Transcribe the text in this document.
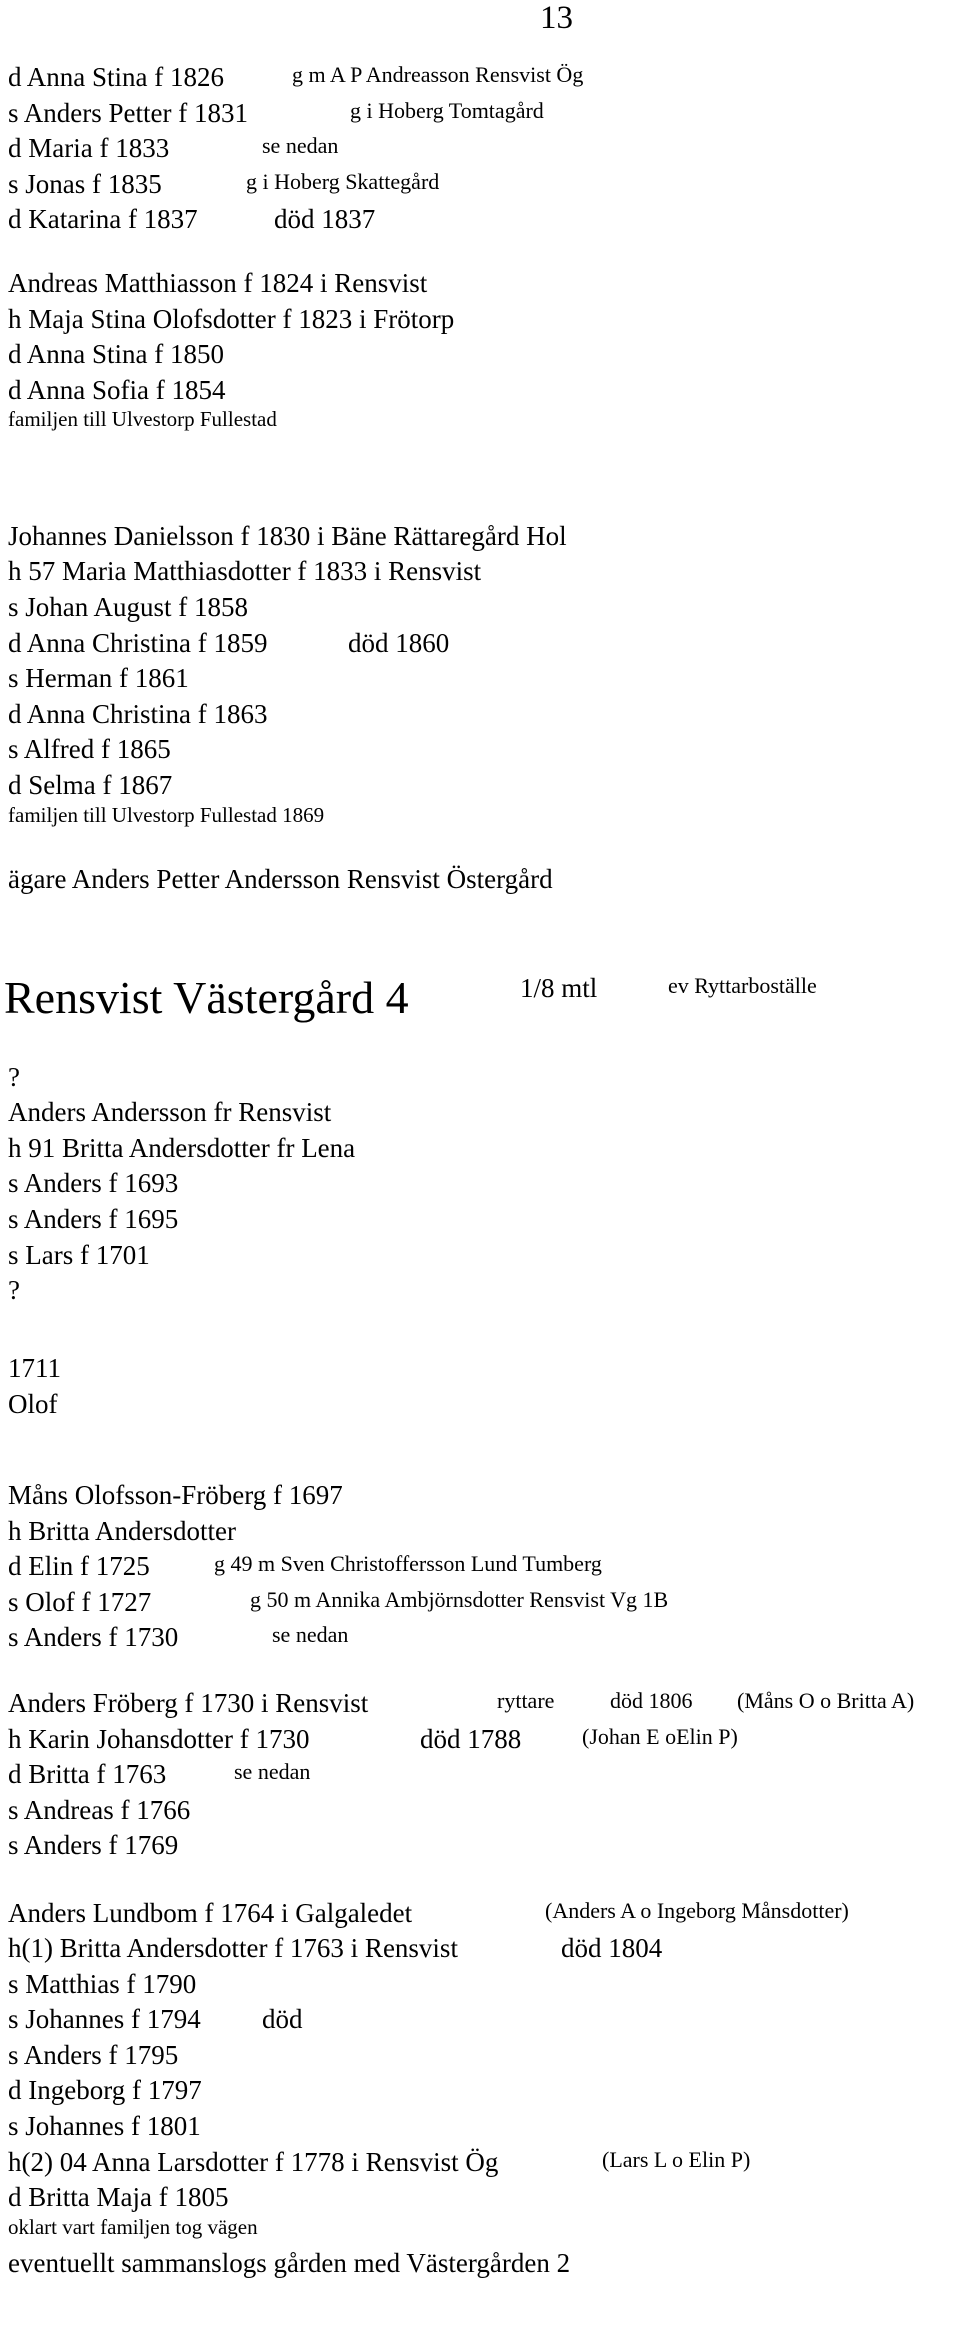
13
d Anna Stina f 1826	g m A P Andreasson Rensvist Ög
s Anders Petter f 1831	g i Hoberg Tomtagård
d Maria f 1833	se nedan
s Jonas f 1835	g i Hoberg Skattegård
d Katarina f 1837	död 1837
Andreas Matthiasson f 1824 i Rensvist
h Maja Stina Olofsdotter f 1823 i Frötorp
d Anna Stina f 1850
d Anna Sofia f 1854
familjen till Ulvestorp Fullestad
Johannes Danielsson f 1830 i Bäne Rättaregård Hol
h 57 Maria Matthiasdotter f 1833 i Rensvist
s Johan August f 1858
d Anna Christina f 1859	död 1860
s Herman f 1861
d Anna Christina f 1863
s Alfred f 1865
d Selma f 1867
familjen till Ulvestorp Fullestad 1869
ägare Anders Petter Andersson Rensvist Östergård
Rensvist Västergård 4	1/8 mtl	ev Ryttarboställe
?
Anders Andersson fr Rensvist
h 91 Britta Andersdotter fr Lena
s Anders f 1693
s Anders f 1695
s Lars f 1701
?
1711
Olof
Måns Olofsson-Fröberg f 1697
h Britta Andersdotter
d Elin f 1725	g 49 m Sven Christoffersson Lund Tumberg
s Olof f 1727	g 50 m Annika Ambjörnsdotter Rensvist Vg 1B
s Anders f 1730	se nedan
Anders Fröberg f 1730 i Rensvist	ryttare	död 1806 (Måns O o Britta A)
h Karin Johansdotter f 1730	död 1788	(Johan E oElin P)
d Britta f 1763	se nedan
s Andreas f 1766
s Anders f 1769
Anders Lundbom f 1764 i Galgaledet	(Anders A o Ingeborg Månsdotter)
h(1) Britta Andersdotter f 1763 i Rensvist	död 1804
s Matthias f 1790
s Johannes f 1794 död
s Anders f 1795
d Ingeborg f 1797
s Johannes f 1801
h(2) 04 Anna Larsdotter f 1778 i Rensvist Ög	(Lars L o Elin P)
d Britta Maja f 1805
oklart vart familjen tog vägen
eventuellt sammanslogs gården med Västergården 2
